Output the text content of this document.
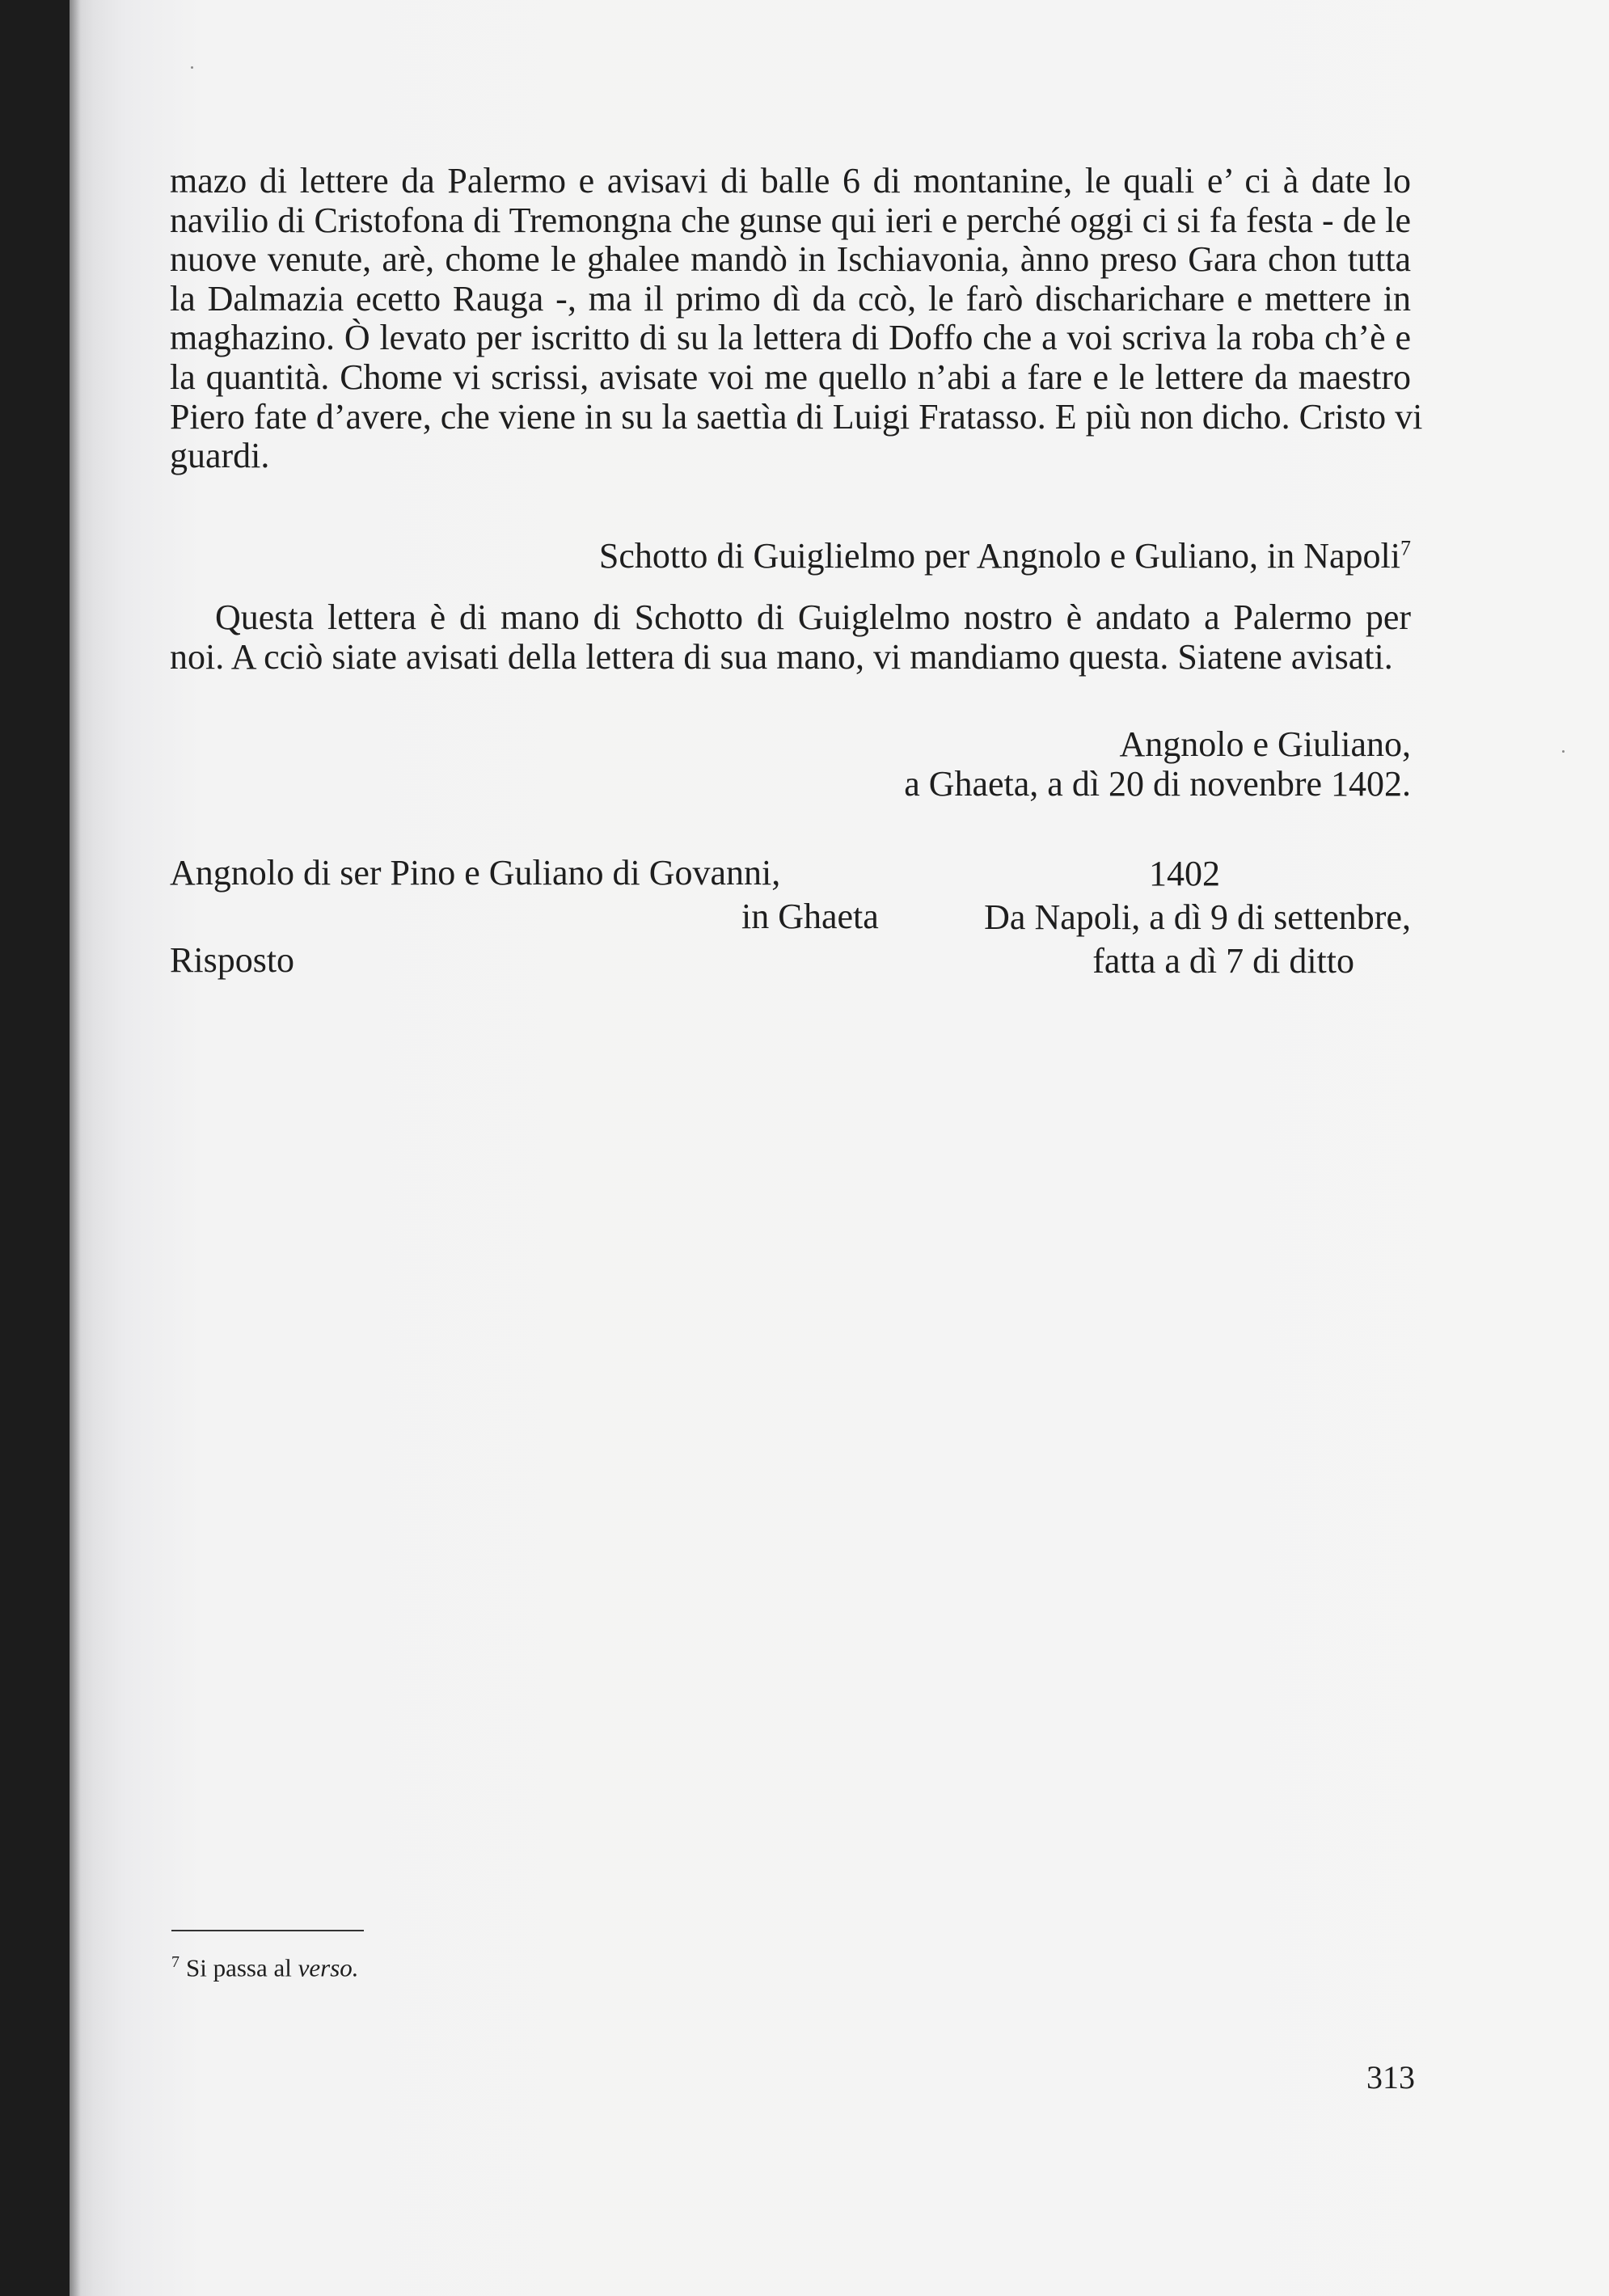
mazo di lettere da Palermo e avisavi di balle 6 di montanine, le quali e’ ci à date lo
navilio di Cristofona di Tremongna che gunse qui ieri e perché oggi ci si fa festa - de le
nuove venute, arè, chome le ghalee mandò in Ischiavonia, ànno preso Gara chon tutta
la Dalmazia ecetto Rauga -, ma il primo dì da ccò, le farò discharichare e mettere in
maghazino. Ò levato per iscritto di su la lettera di Doffo che a voi scriva la roba ch’è e
la quantità. Chome vi scrissi, avisate voi me quello n’abi a fare e le lettere da maestro
Piero fate d’avere, che viene in su la saettìa di Luigi Fratasso. E più non dicho. Cristo vi
guardi.
Schotto di Guiglielmo per Angnolo e Guliano, in Napoli$^7$
Questa lettera è di mano di Schotto di Guiglelmo nostro è andato a Palermo per
noi. A cciò siate avisati della lettera di sua mano, vi mandiamo questa. Siatene avisati.
Angnolo e Giuliano,
a Ghaeta, a dì 20 di novenbre 1402.
Angnolo di ser Pino e Guliano di Govanni,
in Ghaeta
Risposto
1402
Da Napoli, a dì 9 di settenbre,
fatta a dì 7 di ditto
$^7$ Si passa al verso.
313
